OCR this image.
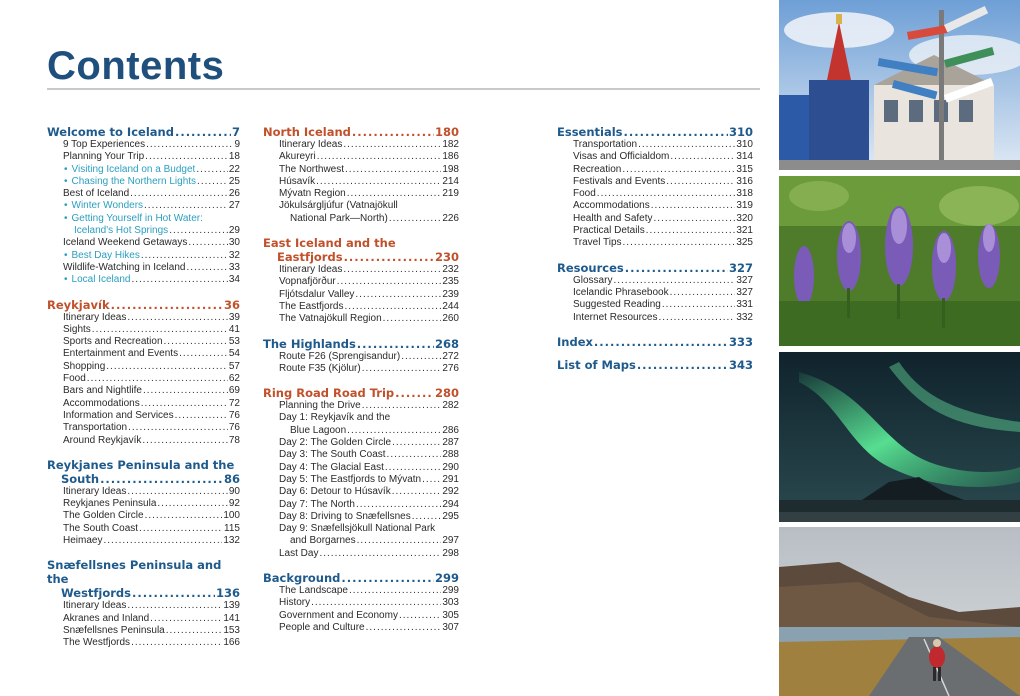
Contents
Welcome to Iceland .....	7
9 Top Experiences .....	9
Planning Your Trip .....	18
• Visiting Iceland on a Budget .....	22
• Chasing the Northern Lights .....	25
Best of Iceland .....	26
• Winter Wonders .....	27
• Getting Yourself in Hot Water:
Iceland's Hot Springs .....	29
Iceland Weekend Getaways .....	30
• Best Day Hikes .....	32
Wildlife-Watching in Iceland .....	33
• Local Iceland .....	34
Reykjavík .....	36
Itinerary Ideas .....	39
Sights .....	41
Sports and Recreation .....	53
Entertainment and Events .....	54
Shopping .....	57
Food .....	62
Bars and Nightlife .....	69
Accommodations .....	72
Information and Services .....	76
Transportation .....	76
Around Reykjavík .....	78
Reykjanes Peninsula and the
South .....	86
Itinerary Ideas .....	90
Reykjanes Peninsula .....	92
The Golden Circle .....	100
The South Coast .....	115
Heimaey .....	132
Snæfellsnes Peninsula and the
Westfjords .....	136
Itinerary Ideas .....	139
Akranes and Inland .....	141
Snæfellsnes Peninsula .....	153
The Westfjords .....	166
North Iceland .....	180
Itinerary Ideas .....	182
Akureyri .....	186
The Northwest .....	198
Húsavík .....	214
Mývatn Region .....	219
Jökulsárgljúfur (Vatnajökull
National Park—North) .....	226
East Iceland and the
Eastfjords .....	230
Itinerary Ideas .....	232
Vopnafjörður .....	235
Fljótsdalur Valley .....	239
The Eastfjords .....	244
The Vatnajökull Region .....	260
The Highlands .....	268
Route F26 (Sprengisandur) .....	272
Route F35 (Kjölur) .....	276
Ring Road Road Trip .....	280
Planning the Drive .....	282
Day 1: Reykjavík and the
Blue Lagoon .....	286
Day 2: The Golden Circle .....	287
Day 3: The South Coast .....	288
Day 4: The Glacial East .....	290
Day 5: The Eastfjords to Mývatn ..... 291
Day 6: Detour to Húsavík .....	292
Day 7: The North .....	294
Day 8: Driving to Snæfellsnes .....	295
Day 9: Snæfellsjökull National Park
and Borgarnes .....	297
Last Day .....	298
Background .....	299
The Landscape .....	299
History .....	303
Government and Economy .....	305
People and Culture .....	307
Essentials .....	310
Transportation .....	310
Visas and Officialdom .....	314
Recreation .....	315
Festivals and Events .....	316
Food .....	318
Accommodations .....	319
Health and Safety .....	320
Practical Details .....	321
Travel Tips .....	325
Resources .....	327
Glossary .....	327
Icelandic Phrasebook .....	327
Suggested Reading .....	331
Internet Resources .....	332
Index .....	333
List of Maps .....	343
